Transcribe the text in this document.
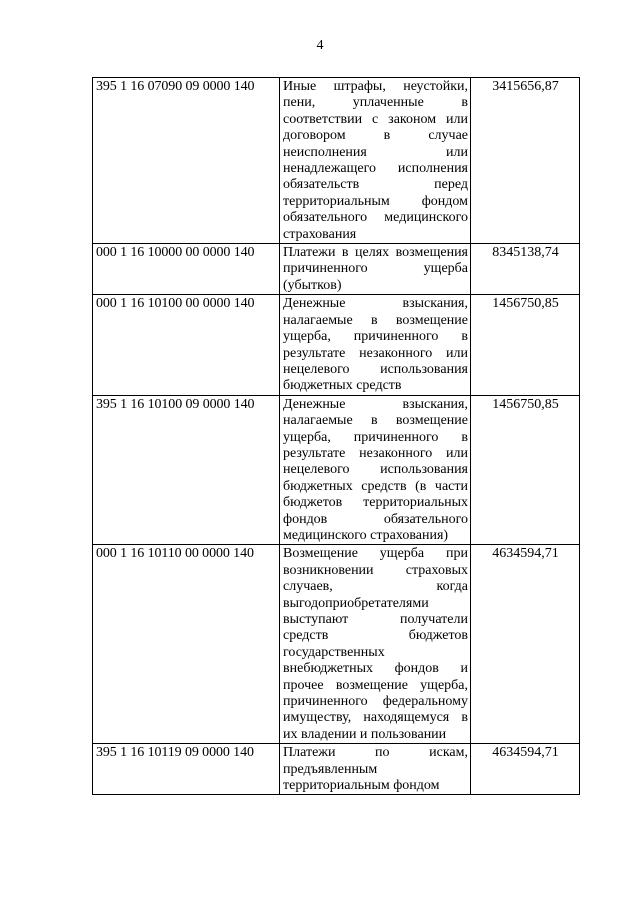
4
395 1 16 07090 09 0000 140	Иные штрафы, неустойки, пени, уплаченные в соответствии с законом или договором в случае неисполнения или ненадлежащего исполнения обязательств перед территориальным фондом обязательного медицинского страхования	3415656,87
000 1 16 10000 00 0000 140	Платежи в целях возмещения причиненного ущерба (убытков)	8345138,74
000 1 16 10100 00 0000 140	Денежные взыскания, налагаемые в возмещение ущерба, причиненного в результате незаконного или нецелевого использования бюджетных средств	1456750,85
395 1 16 10100 09 0000 140	Денежные взыскания, налагаемые в возмещение ущерба, причиненного в результате незаконного или нецелевого использования бюджетных средств (в части бюджетов территориальных фондов обязательного медицинского страхования)	1456750,85
000 1 16 10110 00 0000 140	Возмещение ущерба при возникновении страховых случаев, когда выгодоприобретателями выступают получатели средств бюджетов государственных внебюджетных фондов и прочее возмещение ущерба, причиненного федеральному имуществу, находящемуся в их владении и пользовании	4634594,71
395 1 16 10119 09 0000 140	Платежи по искам, предъявленным территориальным фондом	4634594,71
